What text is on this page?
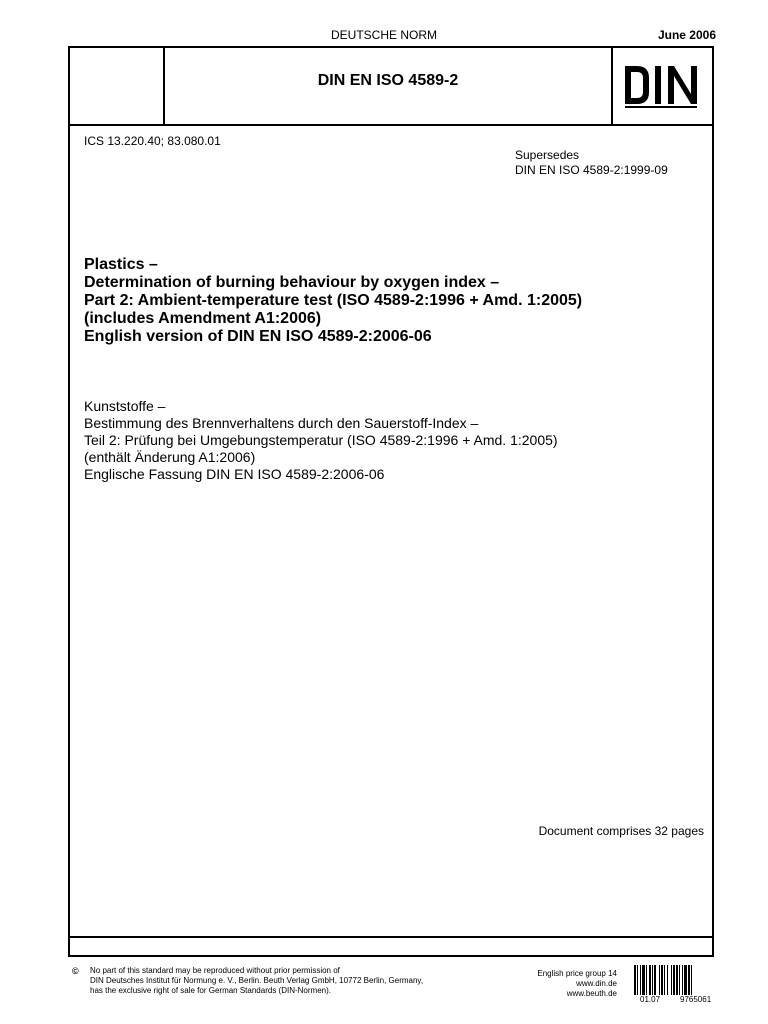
DEUTSCHE NORM	June 2006
DIN EN ISO 4589-2
DIN
ICS 13.220.40; 83.080.01
Supersedes
DIN EN ISO 4589-2:1999-09
Plastics –
Determination of burning behaviour by oxygen index –
Part 2: Ambient-temperature test (ISO 4589-2:1996 + Amd. 1:2005)
(includes Amendment A1:2006)
English version of DIN EN ISO 4589-2:2006-06
Kunststoffe –
Bestimmung des Brennverhaltens durch den Sauerstoff-Index –
Teil 2: Prüfung bei Umgebungstemperatur (ISO 4589-2:1996 + Amd. 1:2005)
(enthält Änderung A1:2006)
Englische Fassung DIN EN ISO 4589-2:2006-06
Document comprises 32 pages
© No part of this standard may be reproduced without prior permission of
DIN Deutsches Institut für Normung e. V., Berlin. Beuth Verlag GmbH, 10772 Berlin, Germany,
has the exclusive right of sale for German Standards (DIN-Normen).
English price group 14
www.din.de
www.beuth.de
01.07 9765061
